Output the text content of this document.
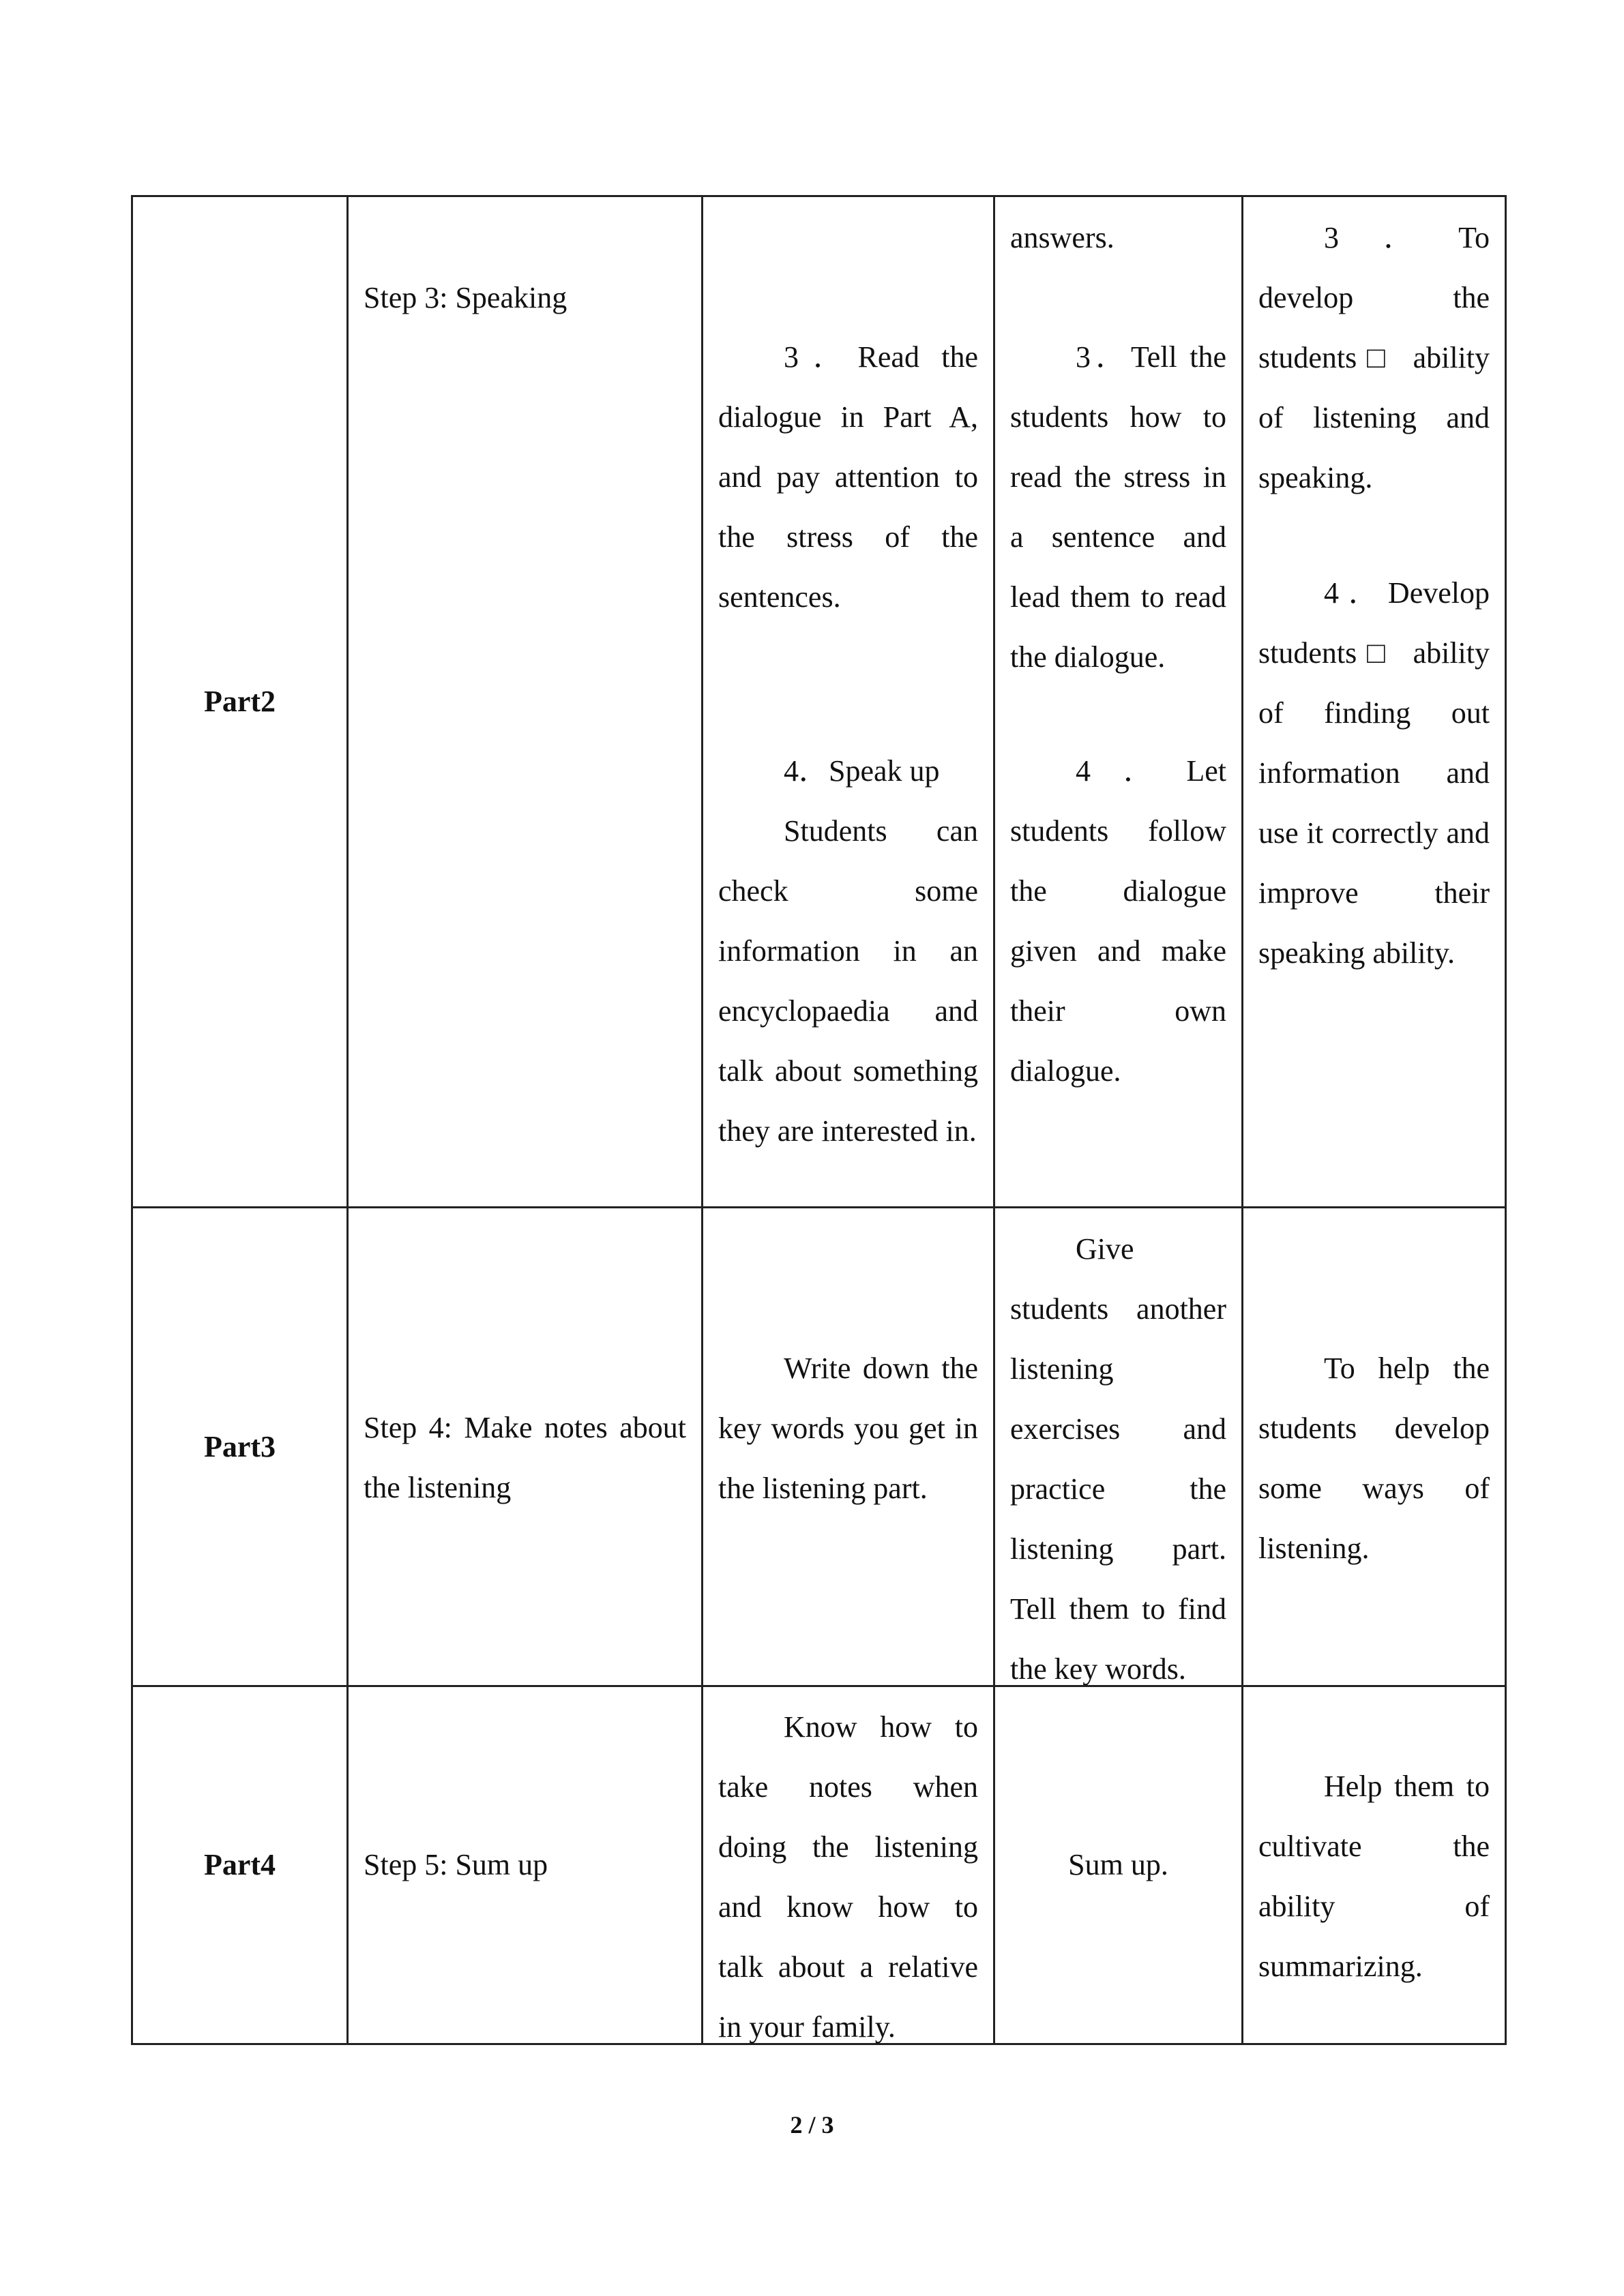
Part2

Step 3: Speaking

3．Read the dialogue in Part A, and pay attention to the stress of the sentences.

4．Speak up

Students can check some information in an encyclopaedia and talk about something they are interested in.

answers.

3．Tell the students how to read the stress in a sentence and lead them to read the dialogue.

4．Let students follow the dialogue given and make their own dialogue.

3．To develop the students□ ability of listening and speaking.

4．Develop students□ ability of finding out information and use it correctly and improve their speaking ability.

Part3

Step 4: Make notes about the listening

Write down the key words you get in the listening part.

Give students another listening exercises and practice the listening part. Tell them to find the key words.

To help the students develop some ways of listening.

Part4	Step 5: Sum up

Know how to take notes when doing the listening and know how to talk about a relative in your family.

Sum up.

Help them to cultivate the ability of summarizing.

2 / 3
